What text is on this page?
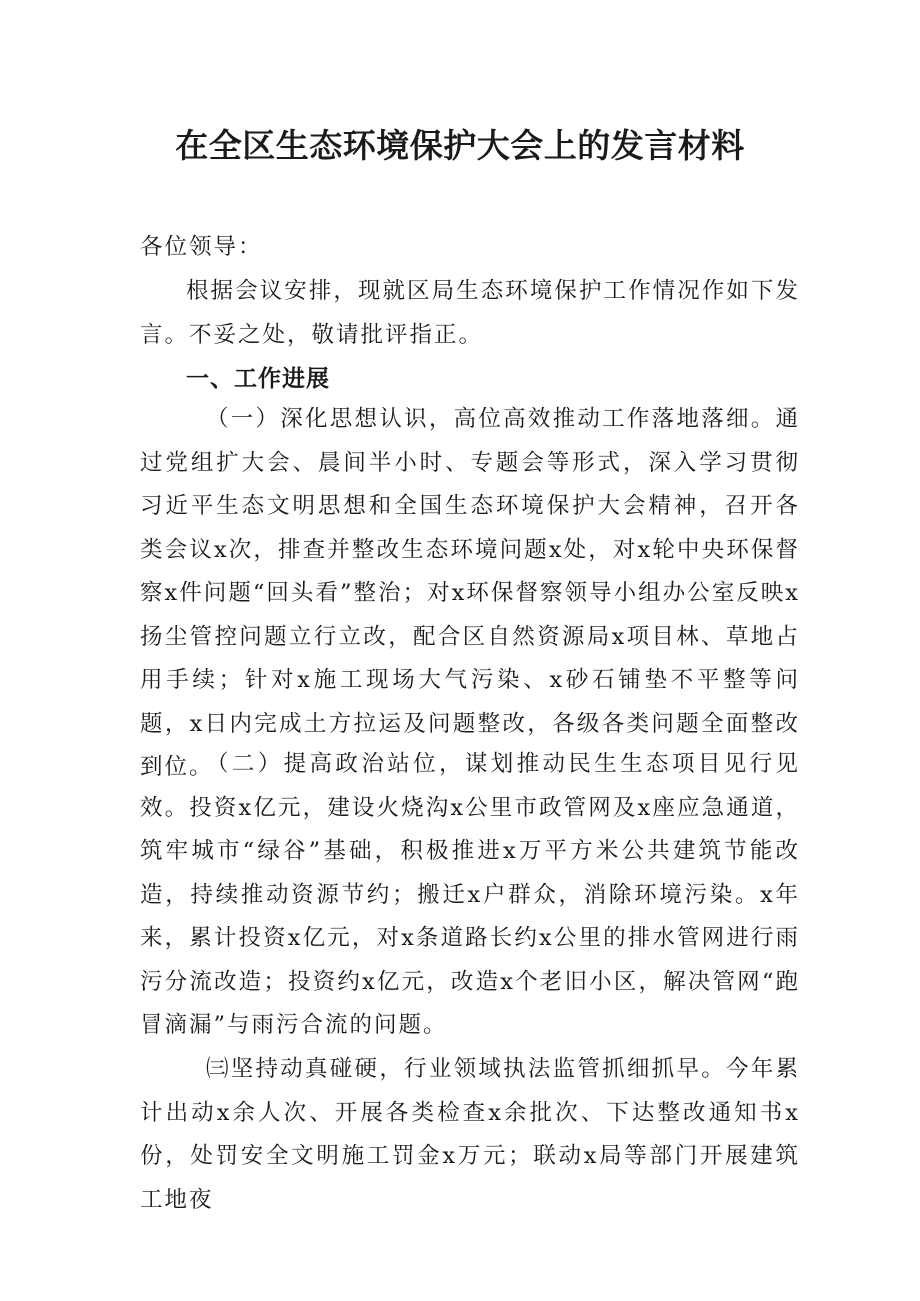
在全区生态环境保护大会上的发言材料

各位领导：

根据会议安排，现就区局生态环境保护工作情况作如下发言。不妥之处，敬请批评指正。

一、工作进展

（一）深化思想认识，高位高效推动工作落地落细。通过党组扩大会、晨间半小时、专题会等形式，深入学习贯彻习近平生态文明思想和全国生态环境保护大会精神，召开各类会议x次，排查并整改生态环境问题x处，对x轮中央环保督察x件问题“回头看”整治；对x环保督察领导小组办公室反映x扬尘管控问题立行立改，配合区自然资源局x项目林、草地占用手续；针对x施工现场大气污染、x砂石铺垫不平整等问题，x日内完成土方拉运及问题整改，各级各类问题全面整改到位。

（二）提高政治站位，谋划推动民生生态项目见行见效。投资x亿元，建设火烧沟x公里市政管网及x座应急通道，筑牢城市“绿谷”基础，积极推进x万平方米公共建筑节能改造，持续推动资源节约；搬迁x户群众，消除环境污染。x年来，累计投资x亿元，对x条道路长约x公里的排水管网进行雨污分流改造；投资约x亿元，改造x个老旧小区，解决管网“跑冒滴漏”与雨污合流的问题。

㈢坚持动真碰硬，行业领域执法监管抓细抓早。今年累计出动x余人次、开展各类检查x余批次、下达整改通知书x份，处罚安全文明施工罚金x万元；联动x局等部门开展建筑工地夜
